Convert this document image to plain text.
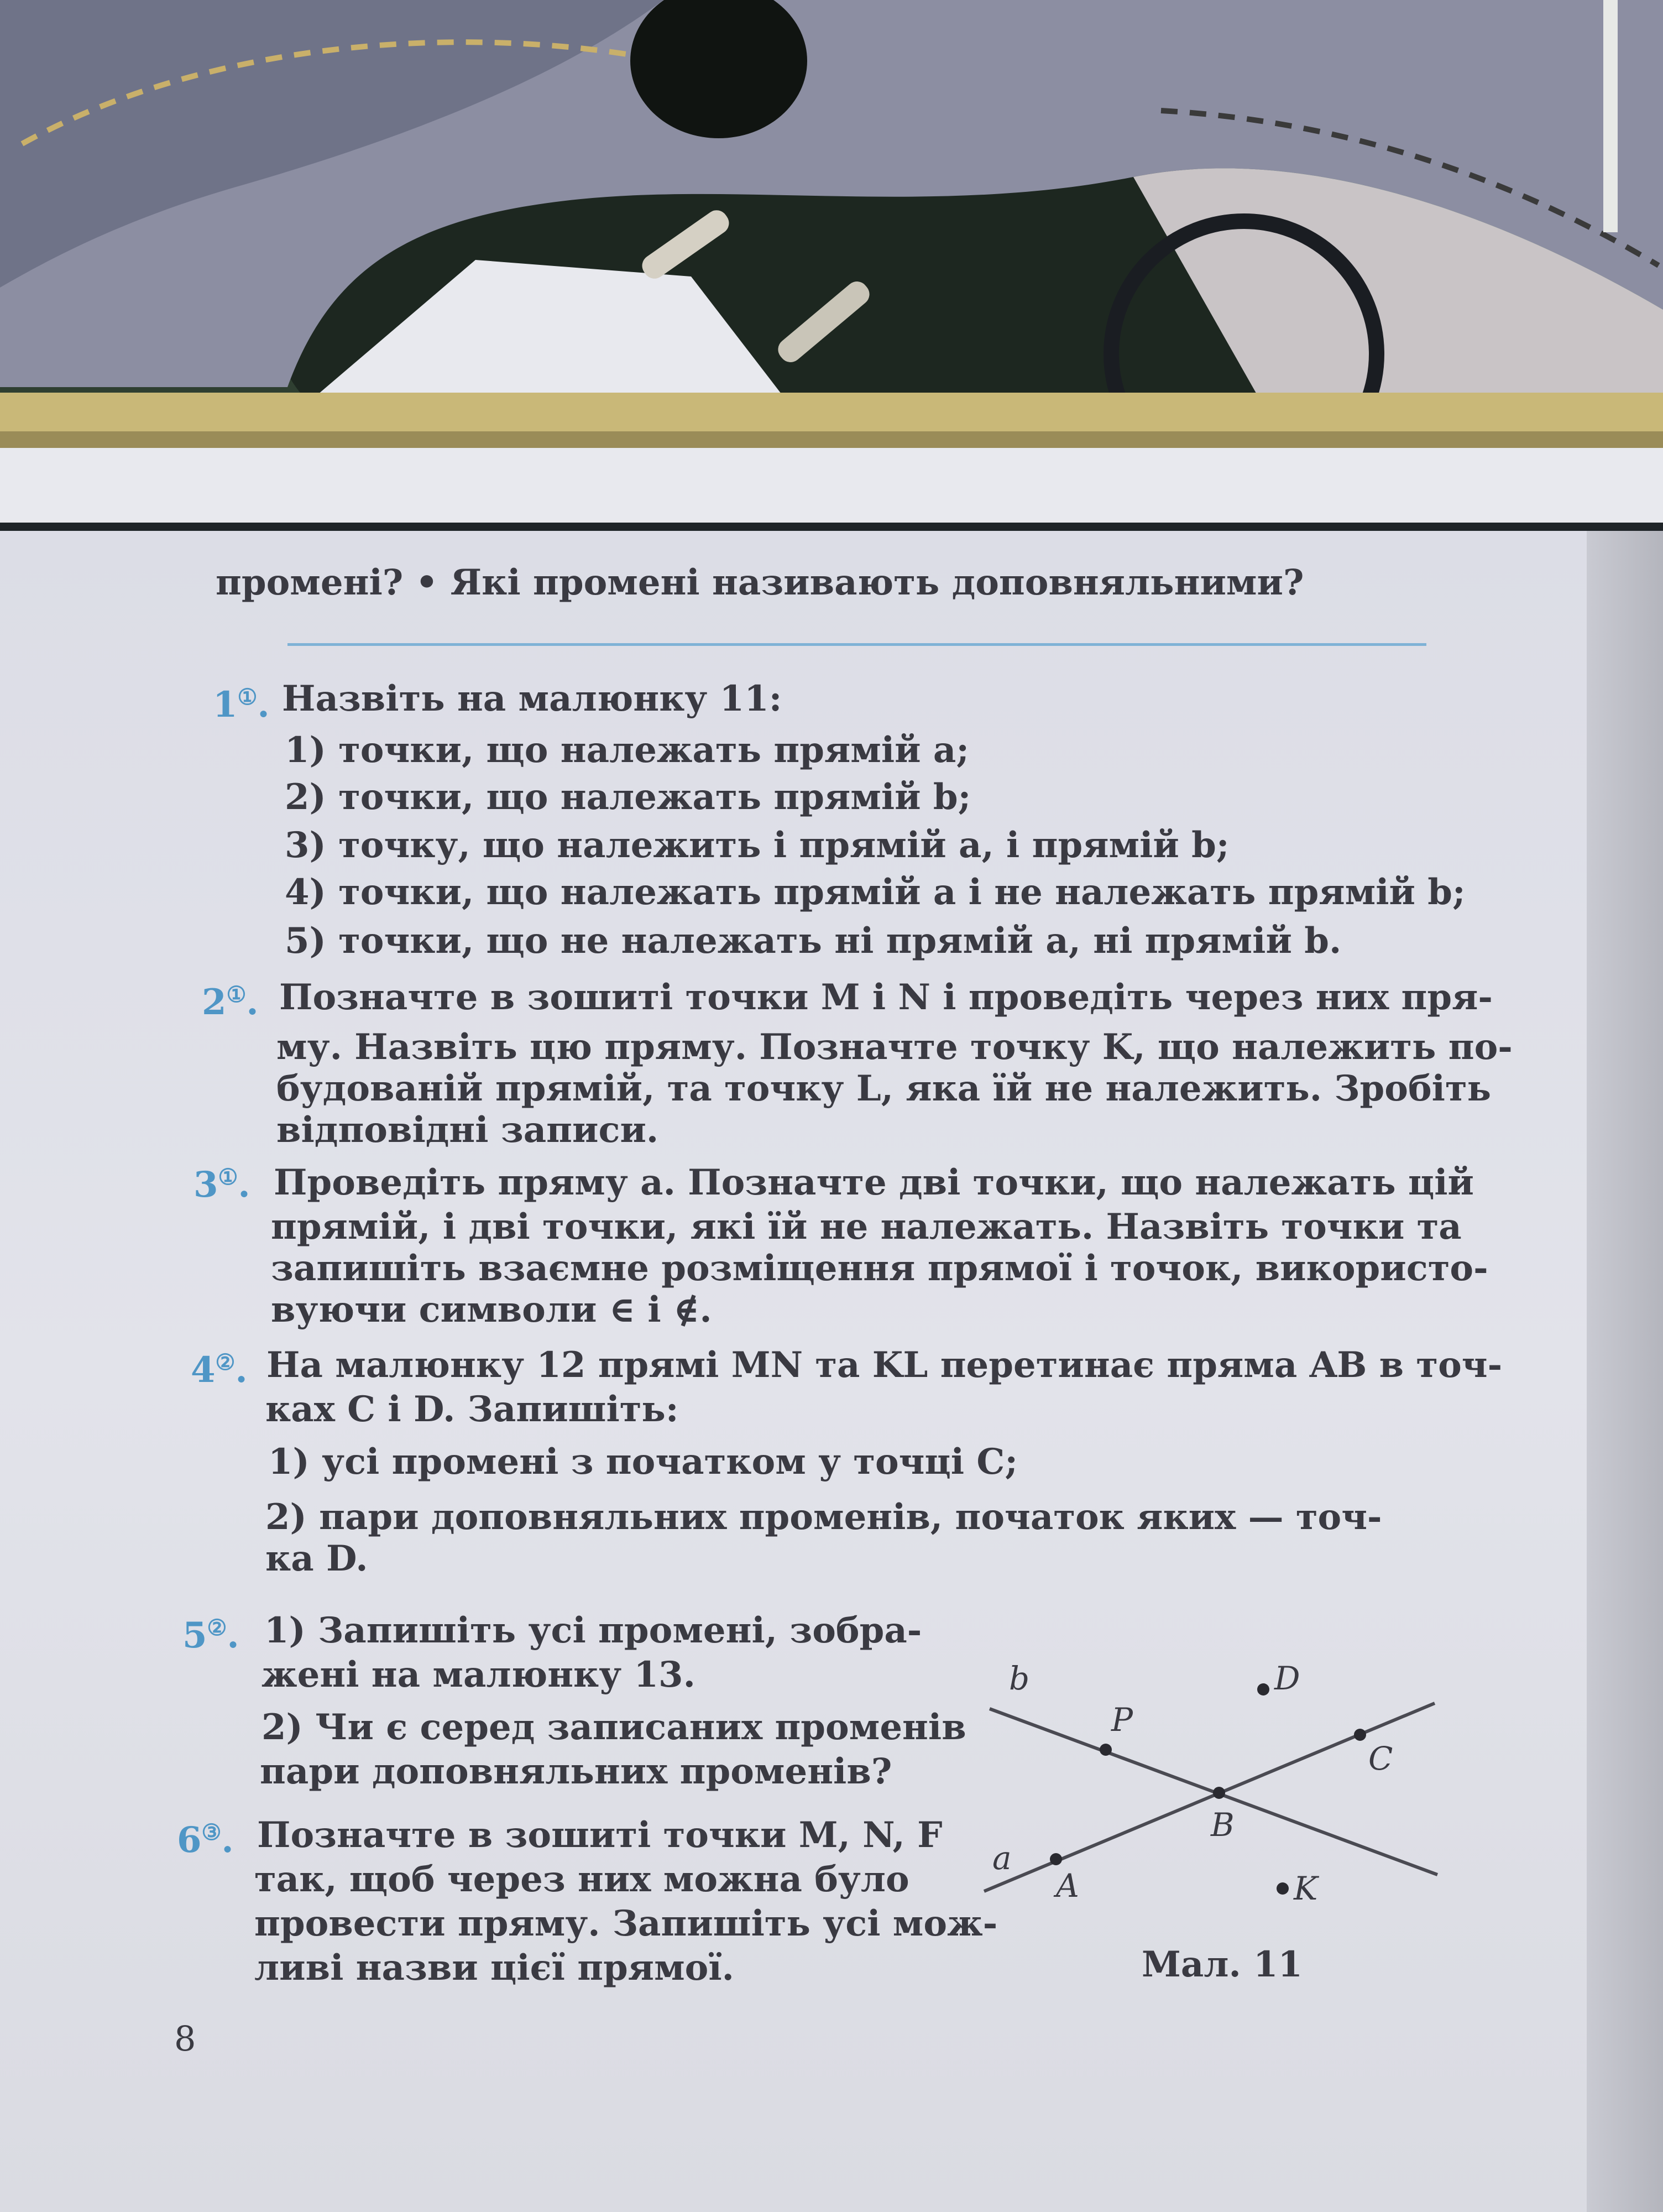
промені? • Які промені називають доповняльними?
1①. Назвіть на малюнку 11:
1) точки, що належать прямій a;
2) точки, що належать прямій b;
3) точку, що належить і прямій a, і прямій b;
4) точки, що належать прямій a і не належать прямій b;
5) точки, що не належать ні прямій a, ні прямій b.
2①. Позначте в зошиті точки M і N і проведіть через них пря-
му. Назвіть цю пряму. Позначте точку K, що належить по-
будованій прямій, та точку L, яка їй не належить. Зробіть
відповідні записи.
3①. Проведіть пряму a. Позначте дві точки, що належать цій
прямій, і дві точки, які їй не належать. Назвіть точки та
запишіть взаємне розміщення прямої і точок, використо-
вуючи символи ∈ і ∉.
4②. На малюнку 12 прямі MN та KL перетинає пряма AB в точ-
ках C і D. Запишіть:
1) усі промені з початком у точці C;
2) пари доповняльних променів, початок яких — точ-
ка D.
5②. 1) Запишіть усі промені, зобра-
жені на малюнку 13.
2) Чи є серед записаних променів
пари доповняльних променів?
6③. Позначте в зошиті точки M, N, F
так, щоб через них можна було
провести пряму. Запишіть усі мож-
ливі назви цієї прямої.
b
P
D
C
B
a
A	K
Мал. 11
8
